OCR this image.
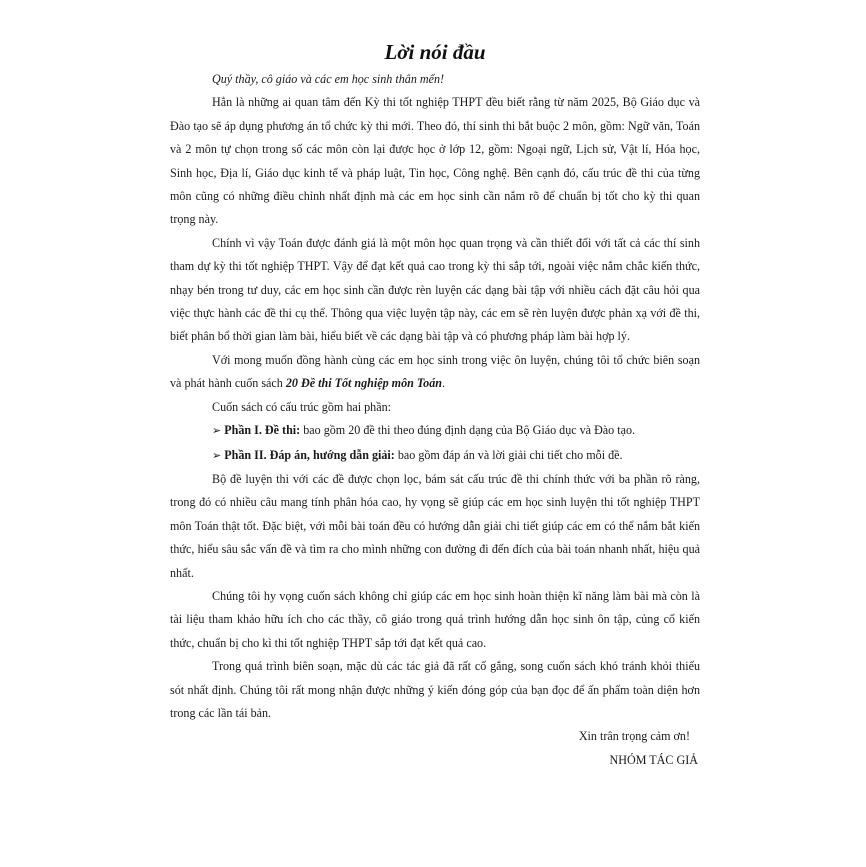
Lời nói đầu

Quý thầy, cô giáo và các em học sinh thân mến!

Hẳn là những ai quan tâm đến Kỳ thi tốt nghiệp THPT đều biết rằng từ năm 2025, Bộ Giáo dục và Đào tạo sẽ áp dụng phương án tổ chức kỳ thi mới. Theo đó, thí sinh thi bắt buộc 2 môn, gồm: Ngữ văn, Toán và 2 môn tự chọn trong số các môn còn lại được học ở lớp 12, gồm: Ngoại ngữ, Lịch sử, Vật lí, Hóa học, Sinh học, Địa lí, Giáo dục kinh tế và pháp luật, Tin học, Công nghệ. Bên cạnh đó, cấu trúc đề thi của từng môn cũng có những điều chỉnh nhất định mà các em học sinh cần nắm rõ để chuẩn bị tốt cho kỳ thi quan trọng này.

Chính vì vậy Toán được đánh giá là một môn học quan trọng và cần thiết đối với tất cả các thí sinh tham dự kỳ thi tốt nghiệp THPT. Vậy để đạt kết quả cao trong kỳ thi sắp tới, ngoài việc nắm chắc kiến thức, nhạy bén trong tư duy, các em học sinh cần được rèn luyện các dạng bài tập với nhiều cách đặt câu hỏi qua việc thực hành các đề thi cụ thể. Thông qua việc luyện tập này, các em sẽ rèn luyện được phản xạ với đề thi, biết phân bổ thời gian làm bài, hiểu biết về các dạng bài tập và có phương pháp làm bài hợp lý.

Với mong muốn đồng hành cùng các em học sinh trong việc ôn luyện, chúng tôi tổ chức biên soạn và phát hành cuốn sách 20 Đề thi Tốt nghiệp môn Toán.

Cuốn sách có cấu trúc gồm hai phần:

➢ Phần I. Đề thi: bao gồm 20 đề thi theo đúng định dạng của Bộ Giáo dục và Đào tạo.

➢ Phần II. Đáp án, hướng dẫn giải: bao gồm đáp án và lời giải chi tiết cho mỗi đề.

Bộ đề luyện thi với các đề được chọn lọc, bám sát cấu trúc đề thi chính thức với ba phần rõ ràng, trong đó có nhiều câu mang tính phân hóa cao, hy vọng sẽ giúp các em học sinh luyện thi tốt nghiệp THPT môn Toán thật tốt. Đặc biệt, với mỗi bài toán đều có hướng dẫn giải chi tiết giúp các em có thể nắm bắt kiến thức, hiểu sâu sắc vấn đề và tìm ra cho mình những con đường đi đến đích của bài toán nhanh nhất, hiệu quả nhất.

Chúng tôi hy vọng cuốn sách không chỉ giúp các em học sinh hoàn thiện kĩ năng làm bài mà còn là tài liệu tham khảo hữu ích cho các thầy, cô giáo trong quá trình hướng dẫn học sinh ôn tập, củng cố kiến thức, chuẩn bị cho kì thi tốt nghiệp THPT sắp tới đạt kết quả cao.

Trong quá trình biên soạn, mặc dù các tác giả đã rất cố gắng, song cuốn sách khó tránh khỏi thiếu sót nhất định. Chúng tôi rất mong nhận được những ý kiến đóng góp của bạn đọc để ấn phẩm toàn diện hơn trong các lần tái bản.

Xin trân trọng cảm ơn!

NHÓM TÁC GIẢ
